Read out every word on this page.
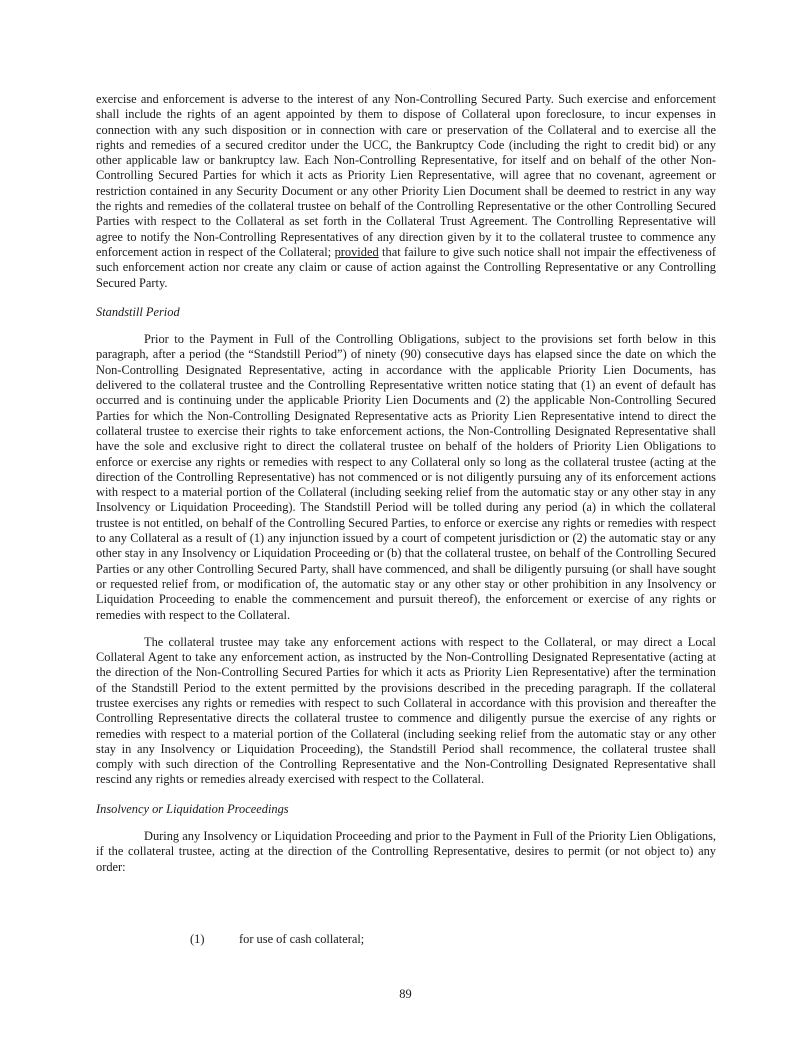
exercise and enforcement is adverse to the interest of any Non-Controlling Secured Party. Such exercise and enforcement shall include the rights of an agent appointed by them to dispose of Collateral upon foreclosure, to incur expenses in connection with any such disposition or in connection with care or preservation of the Collateral and to exercise all the rights and remedies of a secured creditor under the UCC, the Bankruptcy Code (including the right to credit bid) or any other applicable law or bankruptcy law. Each Non-Controlling Representative, for itself and on behalf of the other Non-Controlling Secured Parties for which it acts as Priority Lien Representative, will agree that no covenant, agreement or restriction contained in any Security Document or any other Priority Lien Document shall be deemed to restrict in any way the rights and remedies of the collateral trustee on behalf of the Controlling Representative or the other Controlling Secured Parties with respect to the Collateral as set forth in the Collateral Trust Agreement. The Controlling Representative will agree to notify the Non-Controlling Representatives of any direction given by it to the collateral trustee to commence any enforcement action in respect of the Collateral; provided that failure to give such notice shall not impair the effectiveness of such enforcement action nor create any claim or cause of action against the Controlling Representative or any Controlling Secured Party.

Standstill Period

Prior to the Payment in Full of the Controlling Obligations, subject to the provisions set forth below in this paragraph, after a period (the “Standstill Period”) of ninety (90) consecutive days has elapsed since the date on which the Non-Controlling Designated Representative, acting in accordance with the applicable Priority Lien Documents, has delivered to the collateral trustee and the Controlling Representative written notice stating that (1) an event of default has occurred and is continuing under the applicable Priority Lien Documents and (2) the applicable Non-Controlling Secured Parties for which the Non-Controlling Designated Representative acts as Priority Lien Representative intend to direct the collateral trustee to exercise their rights to take enforcement actions, the Non-Controlling Designated Representative shall have the sole and exclusive right to direct the collateral trustee on behalf of the holders of Priority Lien Obligations to enforce or exercise any rights or remedies with respect to any Collateral only so long as the collateral trustee (acting at the direction of the Controlling Representative) has not commenced or is not diligently pursuing any of its enforcement actions with respect to a material portion of the Collateral (including seeking relief from the automatic stay or any other stay in any Insolvency or Liquidation Proceeding). The Standstill Period will be tolled during any period (a) in which the collateral trustee is not entitled, on behalf of the Controlling Secured Parties, to enforce or exercise any rights or remedies with respect to any Collateral as a result of (1) any injunction issued by a court of competent jurisdiction or (2) the automatic stay or any other stay in any Insolvency or Liquidation Proceeding or (b) that the collateral trustee, on behalf of the Controlling Secured Parties or any other Controlling Secured Party, shall have commenced, and shall be diligently pursuing (or shall have sought or requested relief from, or modification of, the automatic stay or any other stay or other prohibition in any Insolvency or Liquidation Proceeding to enable the commencement and pursuit thereof), the enforcement or exercise of any rights or remedies with respect to the Collateral.

The collateral trustee may take any enforcement actions with respect to the Collateral, or may direct a Local Collateral Agent to take any enforcement action, as instructed by the Non-Controlling Designated Representative (acting at the direction of the Non-Controlling Secured Parties for which it acts as Priority Lien Representative) after the termination of the Standstill Period to the extent permitted by the provisions described in the preceding paragraph. If the collateral trustee exercises any rights or remedies with respect to such Collateral in accordance with this provision and thereafter the Controlling Representative directs the collateral trustee to commence and diligently pursue the exercise of any rights or remedies with respect to a material portion of the Collateral (including seeking relief from the automatic stay or any other stay in any Insolvency or Liquidation Proceeding), the Standstill Period shall recommence, the collateral trustee shall comply with such direction of the Controlling Representative and the Non-Controlling Designated Representative shall rescind any rights or remedies already exercised with respect to the Collateral.

Insolvency or Liquidation Proceedings

During any Insolvency or Liquidation Proceeding and prior to the Payment in Full of the Priority Lien Obligations, if the collateral trustee, acting at the direction of the Controlling Representative, desires to permit (or not object to) any order:

(1)	for use of cash collateral;
89
